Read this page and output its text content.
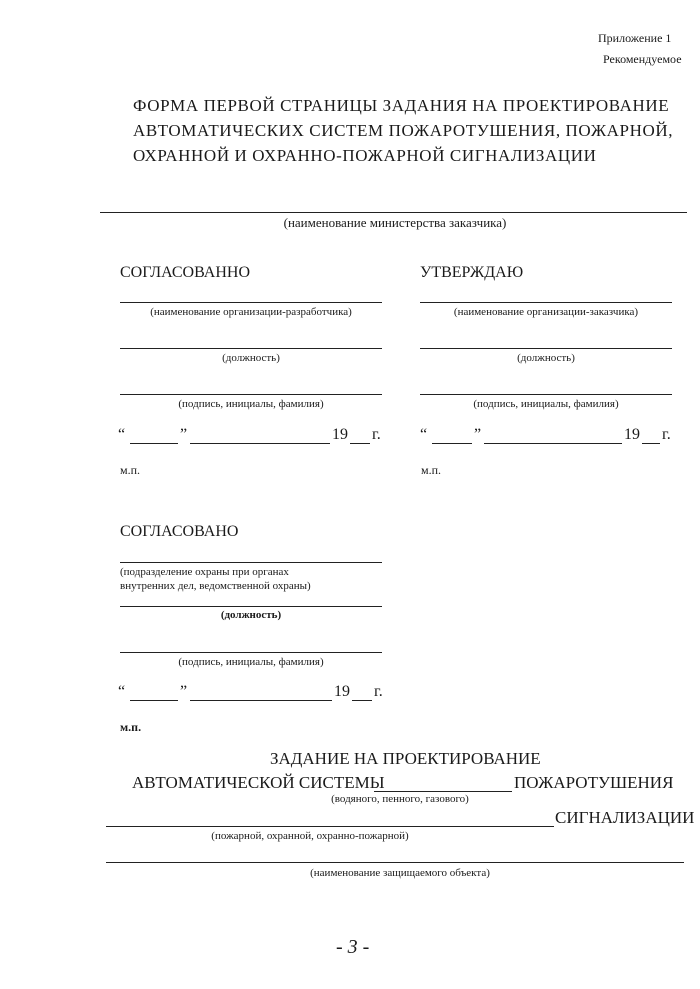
Приложение 1
Рекомендуемое
ФОРМА ПЕРВОЙ СТРАНИЦЫ ЗАДАНИЯ НА ПРОЕКТИРОВАНИЕ
АВТОМАТИЧЕСКИХ СИСТЕМ ПОЖАРОТУШЕНИЯ, ПОЖАРНОЙ,
ОХРАННОЙ И ОХРАННО-ПОЖАРНОЙ СИГНАЛИЗАЦИИ
(наименование министерства заказчика)
СОГЛАСОВАННО
(наименование организации-разработчика)
(должность)
(подпись, инициалы, фамилия)
“	”	19 г.
м.п.
УТВЕРЖДАЮ
(наименование организации-заказчика)
(должность)
(подпись, инициалы, фамилия)
“	”	19 г.
м.п.
СОГЛАСОВАНО
(подразделение охраны при органах
внутренних дел, ведомственной охраны)
(должность)
(подпись, инициалы, фамилия)
“	”	19 г.
м.п.
ЗАДАНИЕ НА ПРОЕКТИРОВАНИЕ
АВТОМАТИЧЕСКОЙ СИСТЕМЫ	ПОЖАРОТУШЕНИЯ
(водяного, пенного, газового)
СИГНАЛИЗАЦИИ
(пожарной, охранной, охранно-пожарной)
(наименование защищаемого объекта)
- 3 -
